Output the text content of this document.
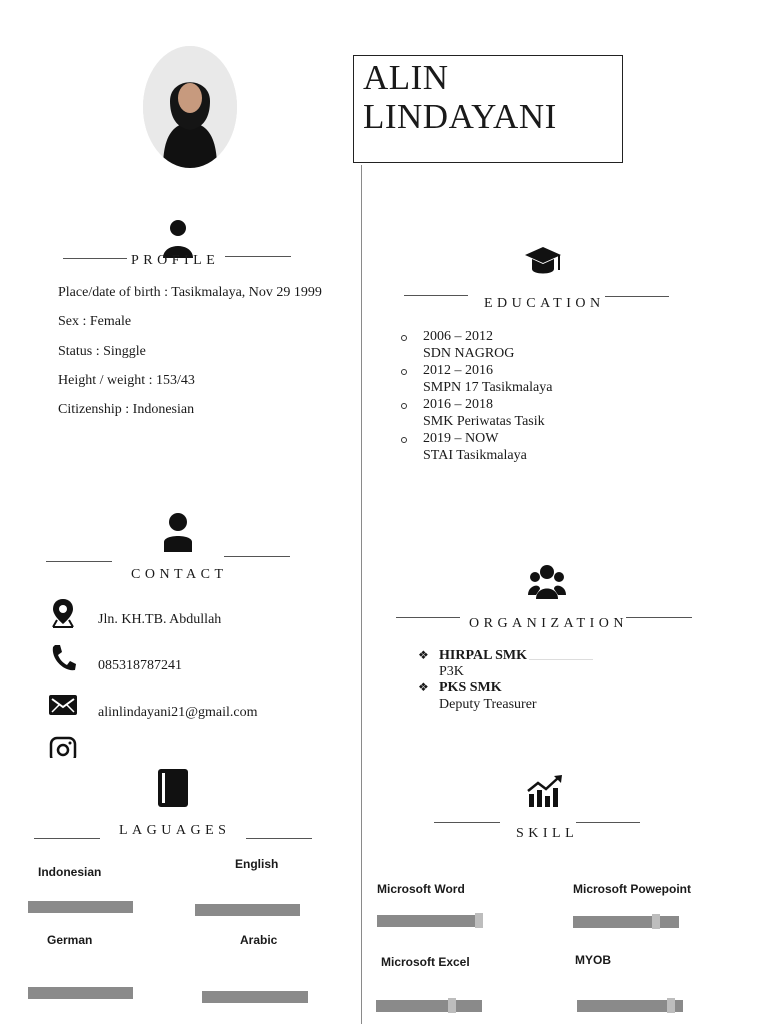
ALIN
LINDAYANI
PROFILE
Place/date of birth : Tasikmalaya, Nov 29 1999
Sex : Female
Status : Singgle
Height / weight : 153/43
Citizenship : Indonesian
EDUCATION
2006 – 2012
SDN NAGROG
2012 – 2016
SMPN 17 Tasikmalaya
2016 – 2018
SMK Periwatas Tasik
2019 – NOW
STAI Tasikmalaya
CONTACT
Jln. KH.TB. Abdullah
085318787241
alinlindayani21@gmail.com
ORGANIZATION
❖ HIRPAL SMK
P3K
❖ PKS SMK
Deputy Treasurer
LAGUAGES
Indonesian
English
German	Arabic
SKILL
Microsoft Word	Microsoft Powepoint
Microsoft Excel	MYOB
